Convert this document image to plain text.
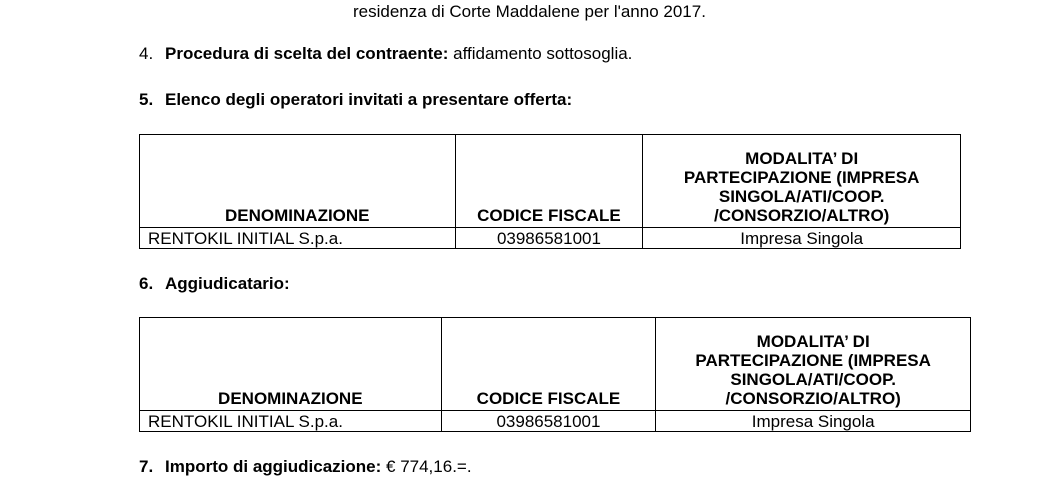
residenza di Corte Maddalene per l'anno 2017.
4. Procedura di scelta del contraente: affidamento sottosoglia.
5. Elenco degli operatori invitati a presentare offerta:
DENOMINAZIONE	CODICE FISCALE	MODALITA’ DI
PARTECIPAZIONE (IMPRESA
SINGOLA/ATI/COOP.
/CONSORZIO/ALTRO)

RENTOKIL INITIAL S.p.a.	03986581001	Impresa Singola
6. Aggiudicatario:
DENOMINAZIONE	CODICE FISCALE	MODALITA’ DI
PARTECIPAZIONE (IMPRESA
SINGOLA/ATI/COOP.
/CONSORZIO/ALTRO)

RENTOKIL INITIAL S.p.a.	03986581001	Impresa Singola
7. Importo di aggiudicazione: € 774,16.=.
